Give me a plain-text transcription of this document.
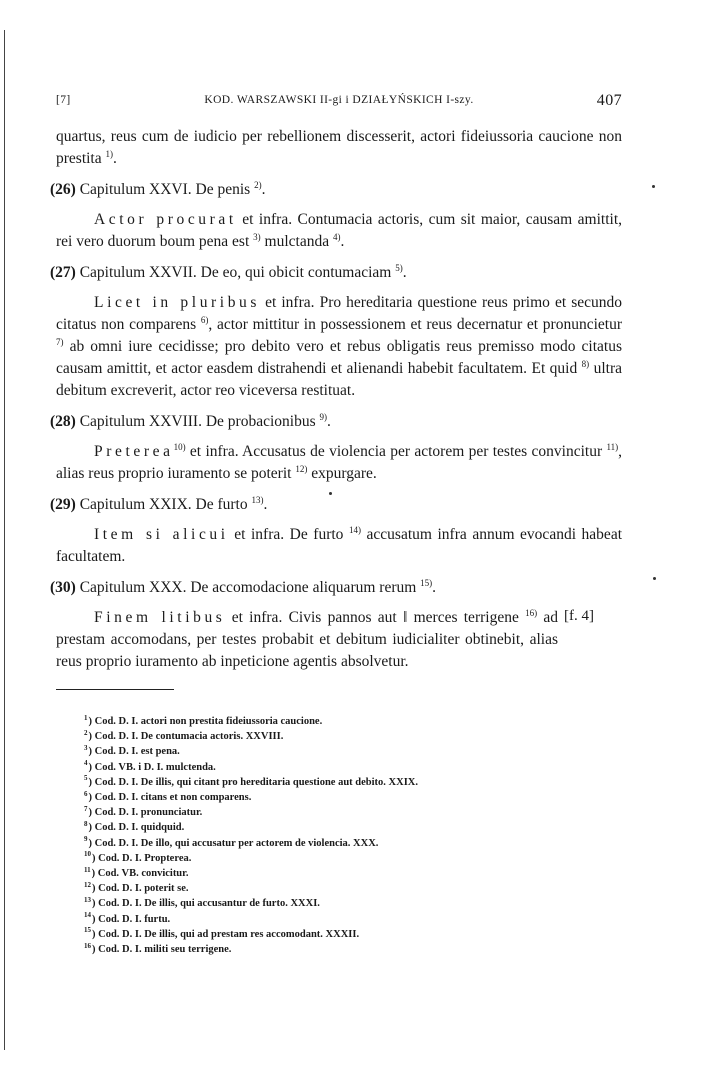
[7]	KOD. WARSZAWSKI II-gi i DZIAŁYŃSKICH I-szy.	407

quartus, reus cum de iudicio per rebellionem discesserit, actori fideiussoria caucione non prestita $^{1)}$.

(26) Capitulum XXVI. De penis $^{2)}$.

Actor procurat et infra. Contumacia actoris, cum sit maior, causam amittit, rei vero duorum boum pena est $^{3)}$ mulctanda $^{4)}$.

(27) Capitulum XXVII. De eo, qui obicit contumaciam $^{5)}$.

Licet in pluribus et infra. Pro hereditaria questione reus primo et secundo citatus non comparens $^{6)}$, actor mittitur in possessionem et reus decernatur et pronuncietur $^{7)}$ ab omni iure cecidisse; pro debito vero et rebus obligatis reus premisso modo citatus causam amittit, et actor easdem distrahendi et alienandi habebit facultatem. Et quid $^{8)}$ ultra debitum excreverit, actor reo viceversa restituat.

(28) Capitulum XXVIII. De probacionibus $^{9)}$.

Preterea$^{10)}$ et infra. Accusatus de violencia per actorem per testes convincitur $^{11)}$, alias reus proprio iuramento se poterit $^{12)}$ expurgare.

(29) Capitulum XXIX. De furto $^{13)}$.

Item si alicui et infra. De furto $^{14)}$ accusatum infra annum evocandi habeat facultatem.

(30) Capitulum XXX. De accomodacione aliquarum rerum $^{15)}$.

Finem litibus et infra. Civis pannos aut ‖ merces terrigene $^{16)}$ ad prestam accomodans, per testes probabit et debitum iudicialiter obtinebit, alias reus proprio iuramento ab inpeticione agentis absolvetur.

[f. 4]
$^1$) Cod. D. I. actori non prestita fideiussoria caucione.
$^2$) Cod. D. I. De contumacia actoris. XXVIII.
$^3$) Cod. D. I. est pena.
$^4$) Cod. VB. i D. I. mulctenda.
$^5$) Cod. D. I. De illis, qui citant pro hereditaria questione aut debito. XXIX.
$^6$) Cod. D. I. citans et non comparens.
$^7$) Cod. D. I. pronunciatur.
$^8$) Cod. D. I. quidquid.
$^9$) Cod. D. I. De illo, qui accusatur per actorem de violencia. XXX.
$^{10}$) Cod. D. I. Propterea.
$^{11}$) Cod. VB. convicitur.
$^{12}$) Cod. D. I. poterit se.
$^{13}$) Cod. D. I. De illis, qui accusantur de furto. XXXI.
$^{14}$) Cod. D. I. furtu.
$^{15}$) Cod. D. I. De illis, qui ad prestam res accomodant. XXXII.
$^{16}$) Cod. D. I. militi seu terrigene.
